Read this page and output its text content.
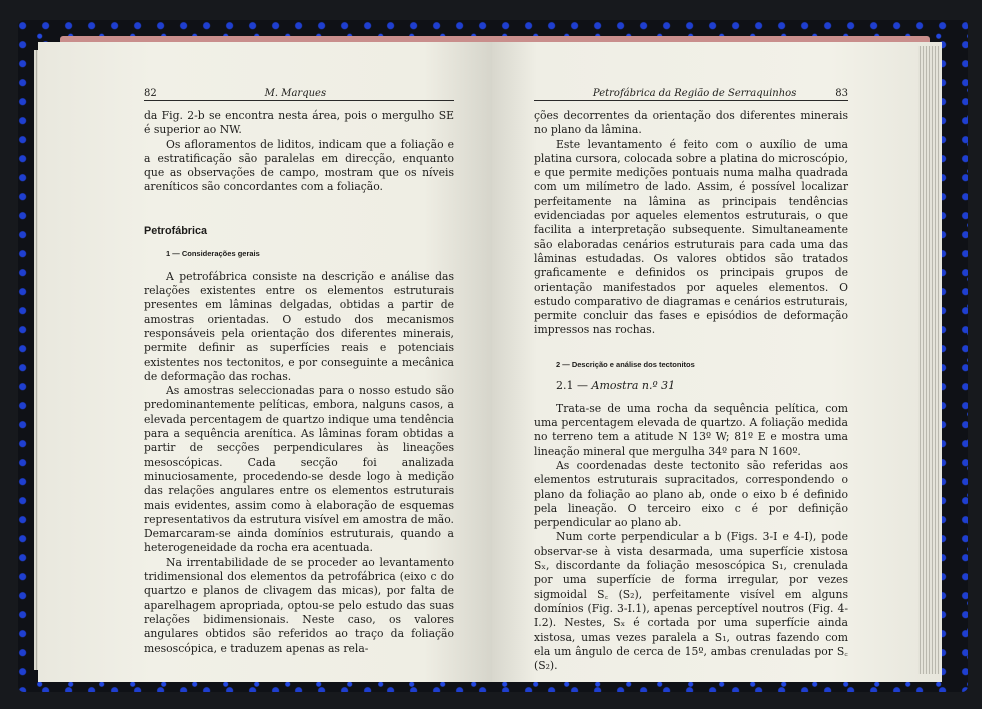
82	M. Marques

da Fig. 2-b se encontra nesta área, pois o mergulho SE é superior ao NW.

Os afloramentos de liditos, indicam que a foliação e a estratificação são paralelas em direcção, enquanto que as observações de campo, mostram que os níveis areníticos são concordantes com a foliação.

Petrofábrica
1 — Considerações gerais

A petrofábrica consiste na descrição e análise das relações existentes entre os elementos estruturais presentes em lâminas delgadas, obtidas a partir de amostras orientadas. O estudo dos mecanismos responsáveis pela orientação dos diferentes minerais, permite definir as superfícies reais e potenciais existentes nos tectonitos, e por conseguinte a mecânica de deformação das rochas.

As amostras seleccionadas para o nosso estudo são predominantemente pelíticas, embora, nalguns casos, a elevada percentagem de quartzo indique uma tendência para a sequência arenítica. As lâminas foram obtidas a partir de secções perpendiculares às lineações mesoscópicas. Cada secção foi analizada minuciosamente, procedendo-se desde logo à medição das relações angulares entre os elementos estruturais mais evidentes, assim como à elaboração de esquemas representativos da estrutura visível em amostra de mão. Demarcaram-se ainda domínios estruturais, quando a heterogeneidade da rocha era acentuada.

Na irrentabilidade de se proceder ao levantamento tridimensional dos elementos da petrofábrica (eixo c do quartzo e planos de clivagem das micas), por falta de aparelhagem apropriada, optou-se pelo estudo das suas relações bidimensionais. Neste caso, os valores angulares obtidos são referidos ao traço da foliação mesoscópica, e traduzem apenas as rela-

Petrofábrica da Região de Serraquinhos	83

ções decorrentes da orientação dos diferentes minerais no plano da lâmina.

Este levantamento é feito com o auxílio de uma platina cursora, colocada sobre a platina do microscópio, e que permite medições pontuais numa malha quadrada com um milímetro de lado. Assim, é possível localizar perfeitamente na lâmina as principais tendências evidenciadas por aqueles elementos estruturais, o que facilita a interpretação subsequente. Simultaneamente são elaboradas cenários estruturais para cada uma das lâminas estudadas. Os valores obtidos são tratados graficamente e definidos os principais grupos de orientação manifestados por aqueles elementos. O estudo comparativo de diagramas e cenários estruturais, permite concluir das fases e episódios de deformação impressos nas rochas.

2 — Descrição e análise dos tectonitos
2.1 — Amostra n.º 31

Trata-se de uma rocha da sequência pelítica, com uma percentagem elevada de quartzo. A foliação medida no terreno tem a atitude N 13º W; 81º E e mostra uma lineação mineral que mergulha 34º para N 160º.

As coordenadas deste tectonito são referidas aos elementos estruturais supracitados, correspondendo o plano da foliação ao plano ab, onde o eixo b é definido pela lineação. O terceiro eixo c é por definição perpendicular ao plano ab.

Num corte perpendicular a b (Figs. 3-I e 4-I), pode observar-se à vista desarmada, uma superfície xistosa Sₓ, discordante da foliação mesoscópica S₁, crenulada por uma superfície de forma irregular, por vezes sigmoidal S꜀ (S₂), perfeitamente visível em alguns domínios (Fig. 3-I.1), apenas perceptível noutros (Fig. 4-I.2). Nestes, Sₓ é cortada por uma superfície ainda xistosa, umas vezes paralela a S₁, outras fazendo com ela um ângulo de cerca de 15º, ambas crenuladas por S꜀ (S₂).
